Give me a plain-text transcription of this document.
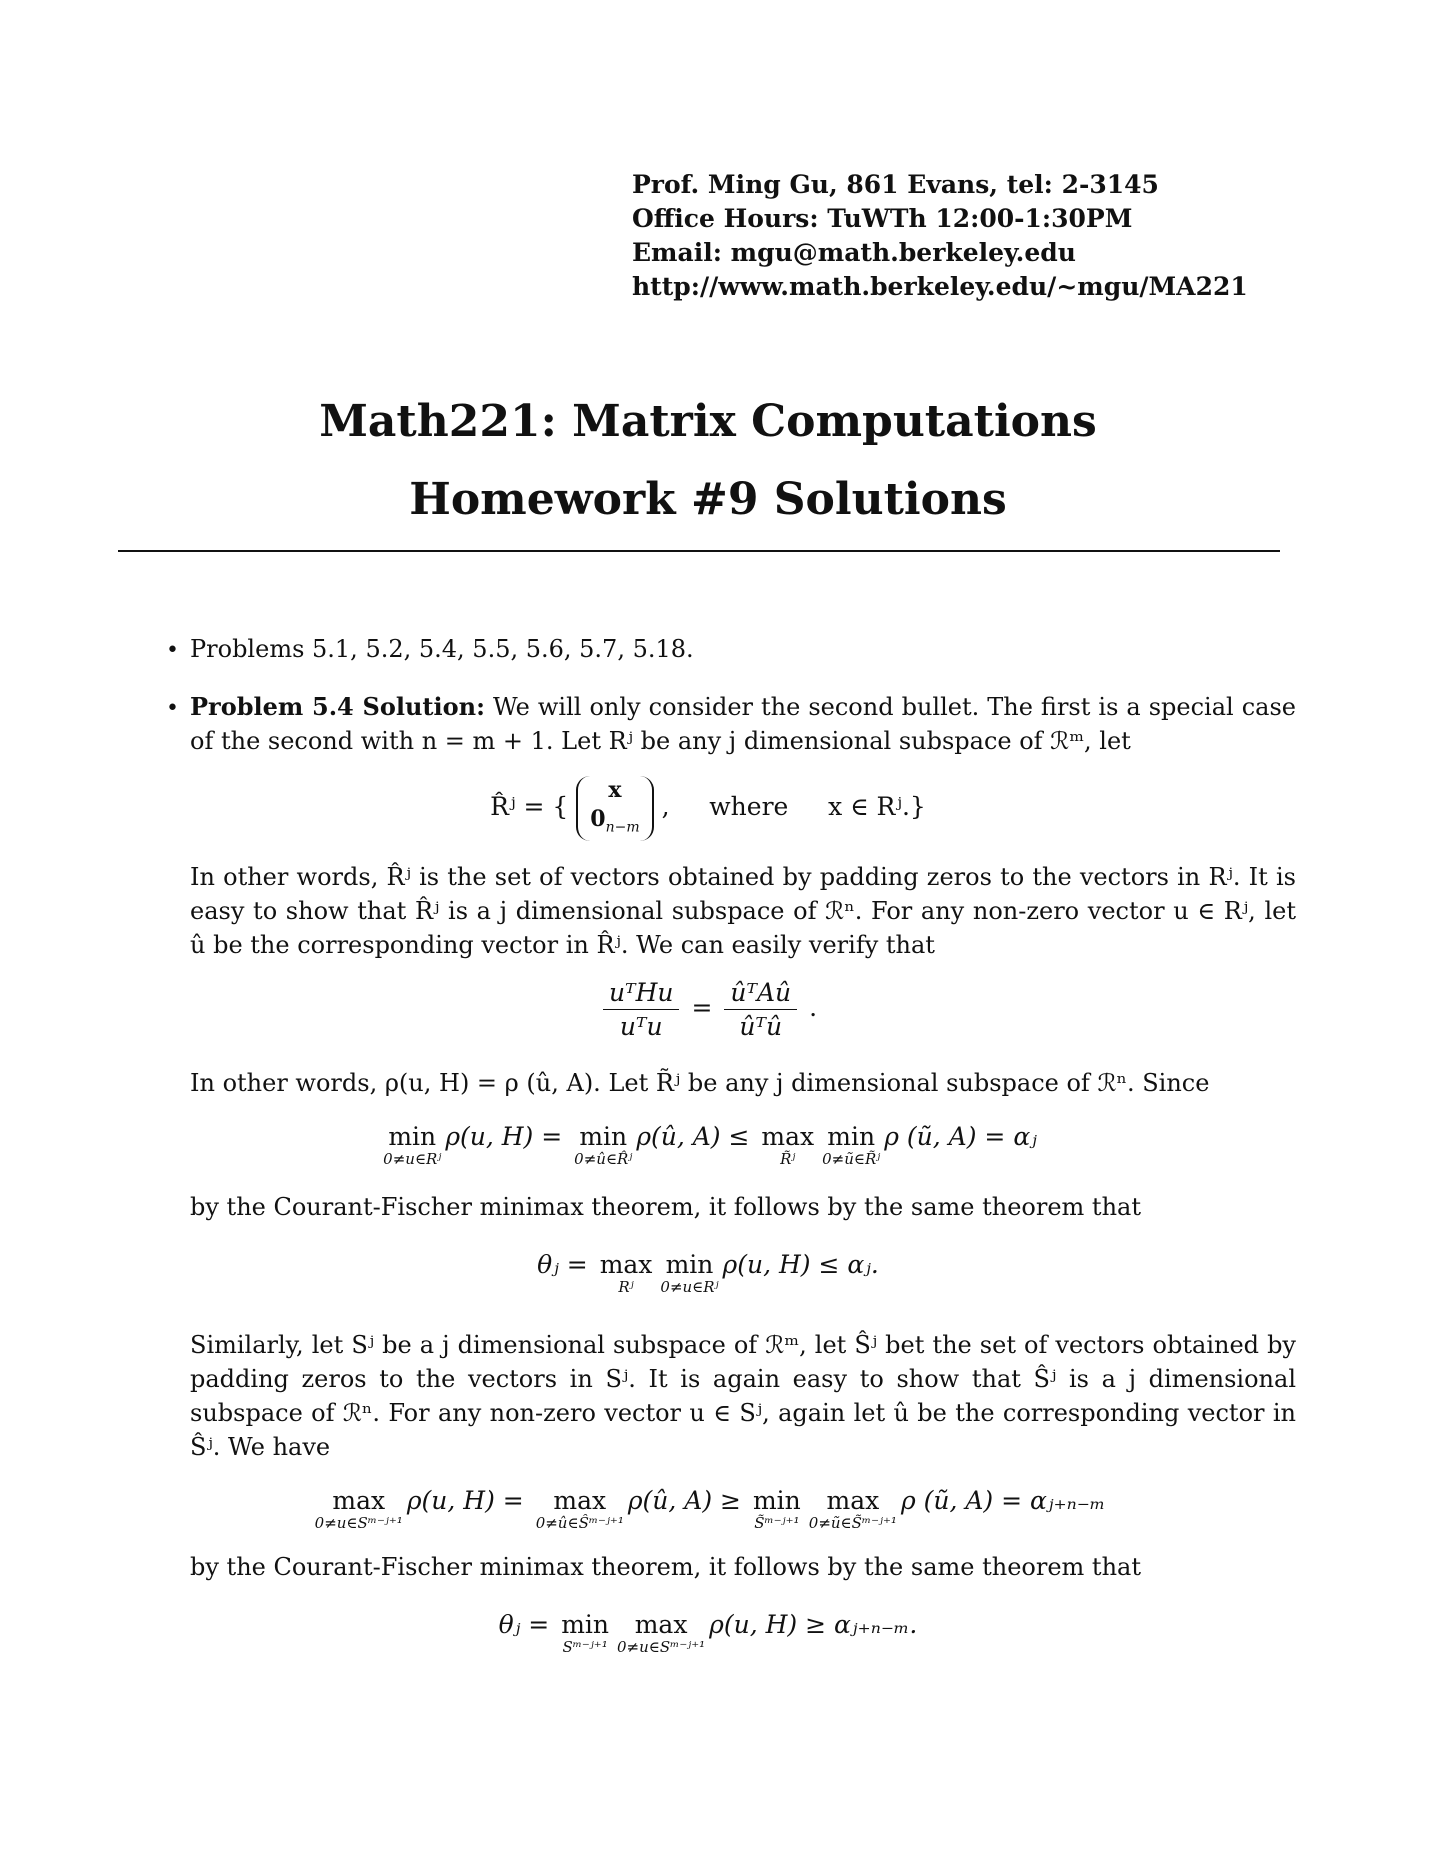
Prof. Ming Gu, 861 Evans, tel: 2-3145
Office Hours: TuWTh 12:00-1:30PM
Email: mgu@math.berkeley.edu
http://www.math.berkeley.edu/~mgu/MA221
Math221: Matrix Computations
Homework #9 Solutions
• Problems 5.1, 5.2, 5.4, 5.5, 5.6, 5.7, 5.18.
• Problem 5.4 Solution: We will only consider the second bullet. The first is a special case of the second with n = m + 1. Let Rʲ be any j dimensional subspace of ℛᵐ, let
R̂ʲ = { x
$0_{n-m}$ , where x ∈ Rʲ.}
In other words, R̂ʲ is the set of vectors obtained by padding zeros to the vectors in Rʲ. It is easy to show that R̂ʲ is a j dimensional subspace of ℛⁿ. For any non-zero vector u ∈ Rʲ, let û be the corresponding vector in R̂ʲ. We can easily verify that
$\frac{\text{uᵀHu}}{\text{uᵀu}} = \frac{\text{ûᵀAû}}{\text{ûᵀû}}$ .
In other words, ρ(u, H) = ρ (û, A). Let R̃ʲ be any j dimensional subspace of ℛⁿ. Since
min
0≠u∈Rʲ
ρ(u, H) = min
0≠û∈R̂ʲ
ρ(û, A) ≤ max
R̃ʲ
min
0≠ũ∈R̃ʲ
ρ (ũ, A) = αⱼ
by the Courant-Fischer minimax theorem, it follows by the same theorem that
θⱼ = max
Rʲ
min
0≠u∈Rʲ
ρ(u, H) ≤ αⱼ.
Similarly, let Sʲ be a j dimensional subspace of ℛᵐ, let Ŝʲ bet the set of vectors obtained by padding zeros to the vectors in Sʲ. It is again easy to show that Ŝʲ is a j dimensional subspace of ℛⁿ. For any non-zero vector u ∈ Sʲ, again let û be the corresponding vector in Ŝʲ. We have
max
0≠u∈Sᵐ⁻ʲ⁺¹
ρ(u, H) =	max
0≠û∈Ŝᵐ⁻ʲ⁺¹
ρ(û, A) ≥ min
S̃ᵐ⁻ʲ⁺¹
max
0≠ũ∈S̃ᵐ⁻ʲ⁺¹
ρ (ũ, A) = αⱼ₊ₙ₋ₘ
by the Courant-Fischer minimax theorem, it follows by the same theorem that
θⱼ = min
Sᵐ⁻ʲ⁺¹
max
0≠u∈Sᵐ⁻ʲ⁺¹
ρ(u, H) ≥ αⱼ₊ₙ₋ₘ.
